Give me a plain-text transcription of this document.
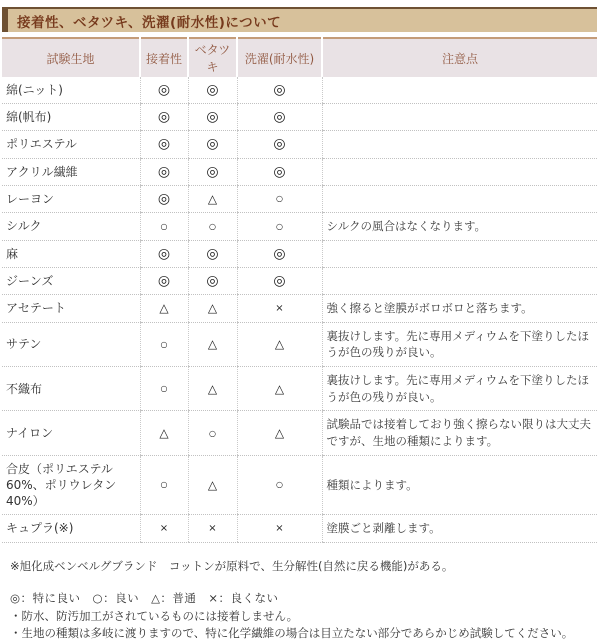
接着性、ベタツキ、洗濯(耐水性)について
試験生地	接着性	ベタツキ	洗濯(耐水性)	注意点
綿(ニット)	◎	◎	◎	
綿(帆布)	◎	◎	◎	
ポリエステル	◎	◎	◎	
アクリル繊維	◎	◎	◎	
レーヨン	◎	△	○	
シルク	○	○	○	シルクの風合はなくなります。
麻	◎	◎	◎	
ジーンズ	◎	◎	◎	
アセテート	△	△	×	強く擦ると塗膜がボロボロと落ちます。
サテン	○	△	△	裏抜けします。先に専用メディウムを下塗りしたほうが色の残りが良い。
不織布	○	△	△	裏抜けします。先に専用メディウムを下塗りしたほうが色の残りが良い。
ナイロン	△	○	△	試験品では接着しており強く擦らない限りは大丈夫ですが、生地の種類によります。
合皮（ポリエステル60%、ポリウレタン40%）	○	△	○	種類によります。
キュプラ(※)	×	×	×	塗膜ごと剥離します。

※旭化成ベンベルグブランド　コットンが原料で、生分解性(自然に戻る機能)がある。

◎：特に良い　○：良い　△：普通　×：良くない

・防水、防汚加工がされているものには接着しません。

・生地の種類は多岐に渡りますので、特に化学繊維の場合は目立たない部分であらかじめ試験してください。
